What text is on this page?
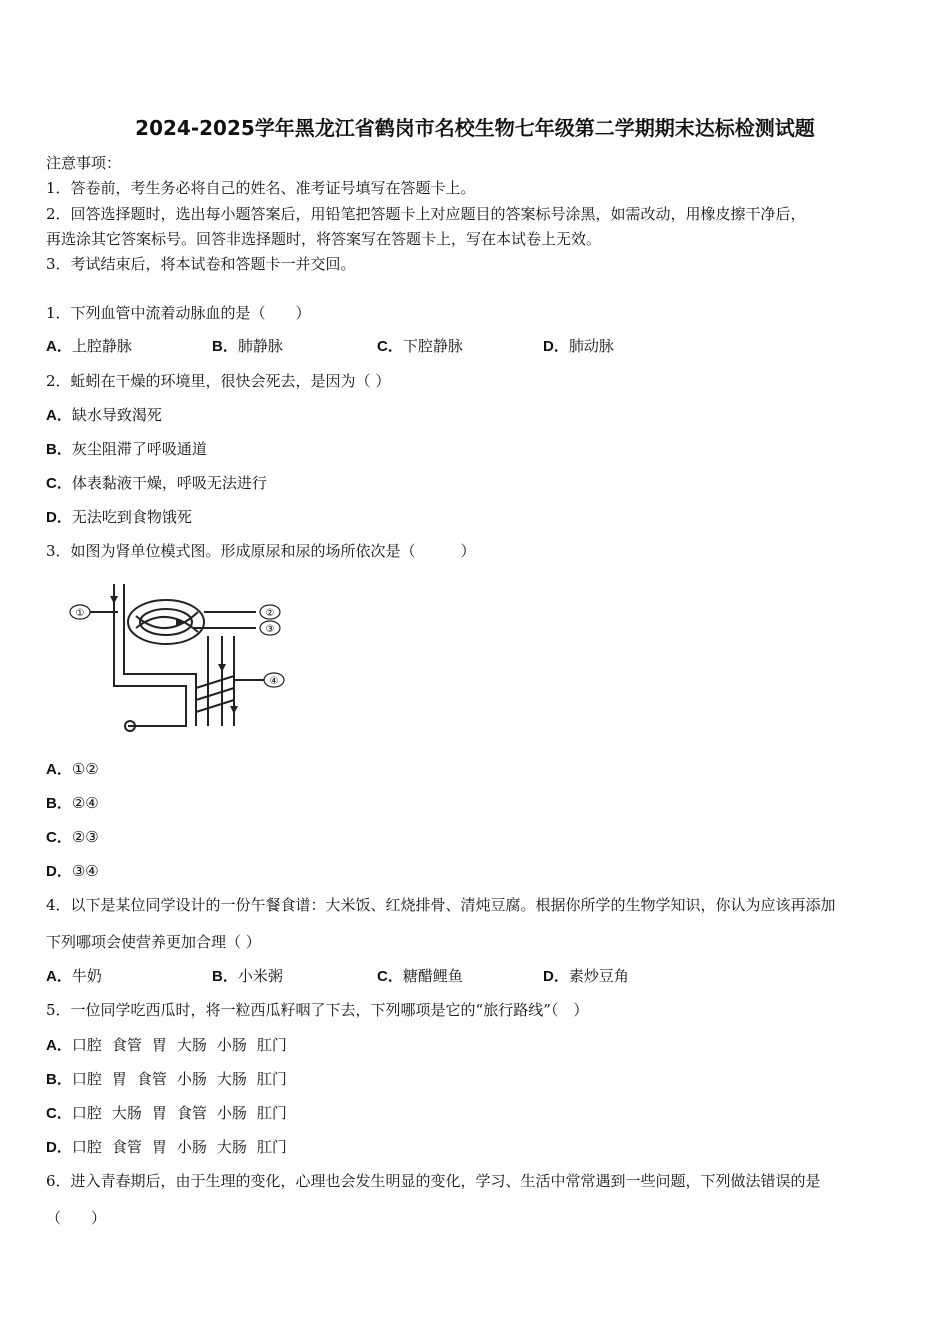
2024-2025学年黑龙江省鹤岗市名校生物七年级第二学期期末达标检测试题
注意事项：
1．答卷前，考生务必将自己的姓名、准考证号填写在答题卡上。
2．回答选择题时，选出每小题答案后，用铅笔把答题卡上对应题目的答案标号涂黑，如需改动，用橡皮擦干净后，
再选涂其它答案标号。回答非选择题时，将答案写在答题卡上，写在本试卷上无效。
3．考试结束后，将本试卷和答题卡一并交回。
1．下列血管中流着动脉血的是（　　）
A．上腔静脉	B．肺静脉	C．下腔静脉	D．肺动脉
2．蚯蚓在干燥的环境里，很快会死去，是因为（ ）
A．缺水导致渴死
B．灰尘阻滞了呼吸通道
C．体表黏液干燥，呼吸无法进行
D．无法吃到食物饿死
3．如图为肾单位模式图。形成原尿和尿的场所依次是（　　　）
①	②
③
④
A．①②
B．②④
C．②③
D．③④
4．以下是某位同学设计的一份午餐食谱：大米饭、红烧排骨、清炖豆腐。根据你所学的生物学知识，你认为应该再添加
下列哪项会使营养更加合理（ ）
A．牛奶	B．小米粥	C．糖醋鲤鱼	D．素炒豆角
5．一位同学吃西瓜时，将一粒西瓜籽咽了下去，下列哪项是它的“旅行路线”（　）
A．口腔 食管 胃 大肠 小肠 肛门
B．口腔 胃 食管 小肠 大肠 肛门
C．口腔 大肠 胃 食管 小肠 肛门
D．口腔 食管 胃 小肠 大肠 肛门
6．进入青春期后，由于生理的变化，心理也会发生明显的变化，学习、生活中常常遇到一些问题，下列做法错误的是
（　　）
